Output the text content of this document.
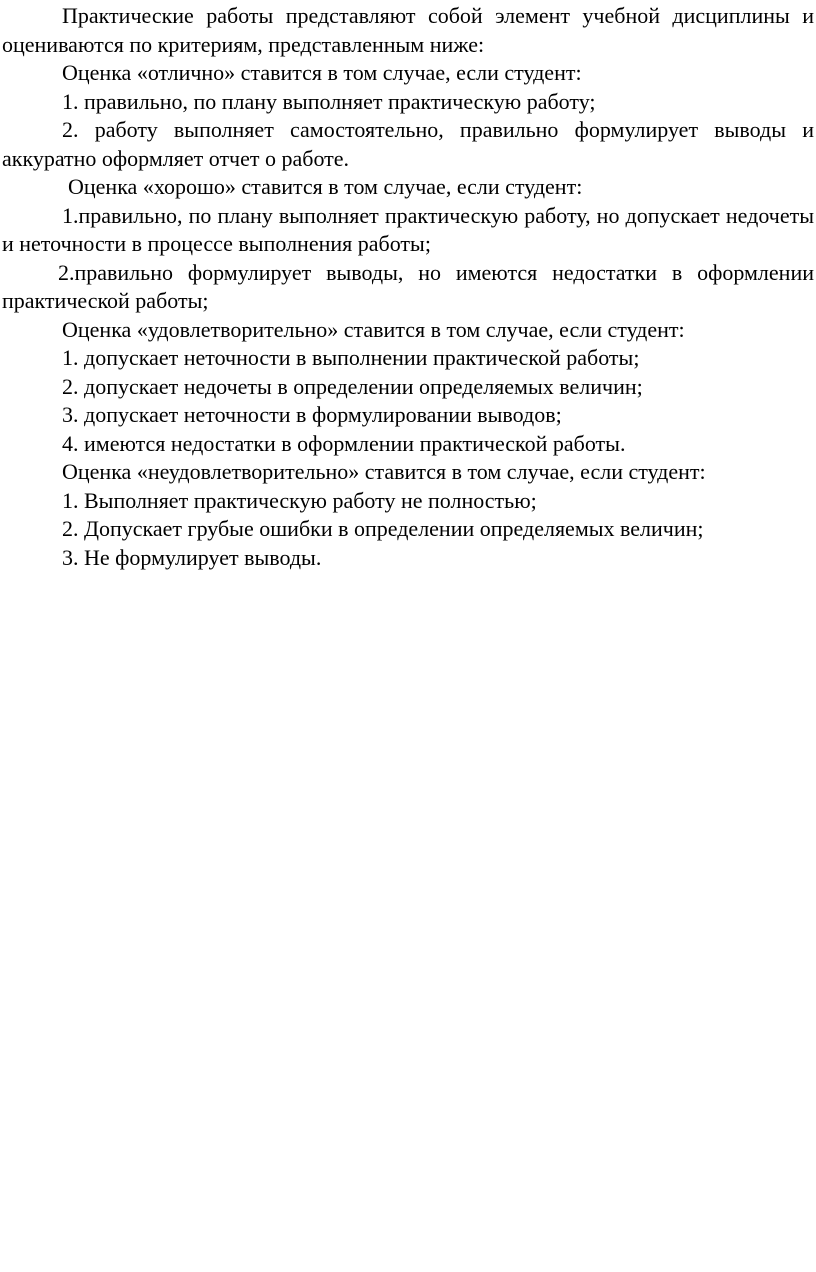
Практические работы представляют собой элемент учебной дисциплины и оцениваются по критериям, представленным ниже:

Оценка «отлично» ставится в том случае, если студент:

1. правильно, по плану выполняет практическую работу;

2. работу выполняет самостоятельно, правильно формулирует выводы и аккуратно оформляет отчет о работе.

Оценка «хорошо» ставится в том случае, если студент:

1.правильно, по плану выполняет практическую работу, но допускает недочеты и неточности в процессе выполнения работы;

2.правильно формулирует выводы, но имеются недостатки в оформлении практической работы;

Оценка «удовлетворительно» ставится в том случае, если студент:

1. допускает неточности в выполнении практической работы;

2. допускает недочеты в определении определяемых величин;

3. допускает неточности в формулировании выводов;

4. имеются недостатки в оформлении практической работы.

Оценка «неудовлетворительно» ставится в том случае, если студент:

1. Выполняет практическую работу не полностью;

2. Допускает грубые ошибки в определении определяемых величин;

3. Не формулирует выводы.
